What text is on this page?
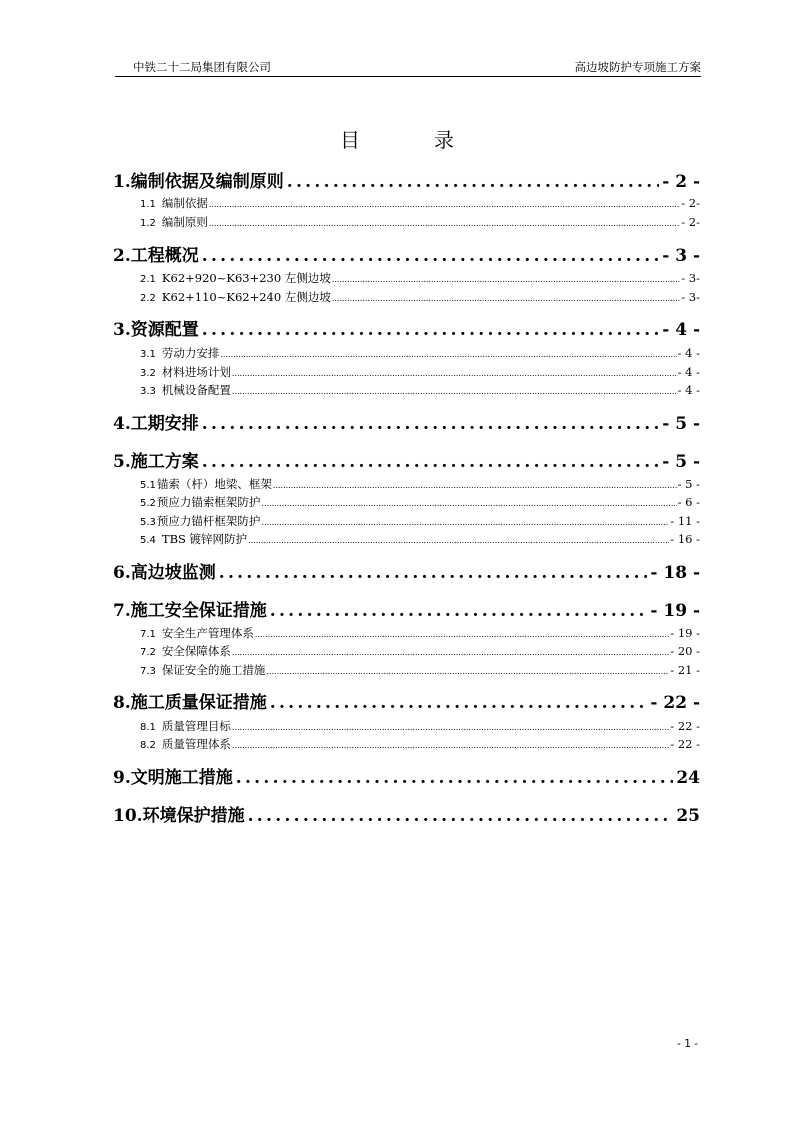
中铁二十二局集团有限公司	高边坡防护专项施工方案
目	录
1.编制依据及编制原则 .....	- 2 -
1.1 编制依据 .....	- 2-
1.2 编制原则 .....	- 2-
2.工程概况 .....	- 3 -
2.1 K62+920~K63+230 左侧边坡 .....	- 3-
2.2 K62+110~K62+240 左侧边坡 .....	- 3-
3.资源配置 .....	- 4 -
3.1 劳动力安排 .....	- 4 -
3.2 材料进场计划 .....	- 4 -
3.3 机械设备配置 .....	- 4 -
4.工期安排 .....	- 5 -
5.施工方案 .....	- 5 -
5.1锚索（杆）地梁、框架 .....	- 5 -
5.2预应力锚索框架防护 .....	- 6 -
5.3预应力锚杆框架防护 .....	- 11 -
5.4 TBS 镀锌网防护 .....	- 16 -
6.高边坡监测 .....	- 18 -
7.施工安全保证措施 .....	- 19 -
7.1 安全生产管理体系 .....	- 19 -
7.2 安全保障体系 .....	- 20 -
7.3 保证安全的施工措施 .....	- 21 -
8.施工质量保证措施 .....	- 22 -
8.1 质量管理目标 .....	- 22 -
8.2 质量管理体系 .....	- 22 -
9.文明施工措施 .....	24
10.环境保护措施 .....	25
- 1 -
